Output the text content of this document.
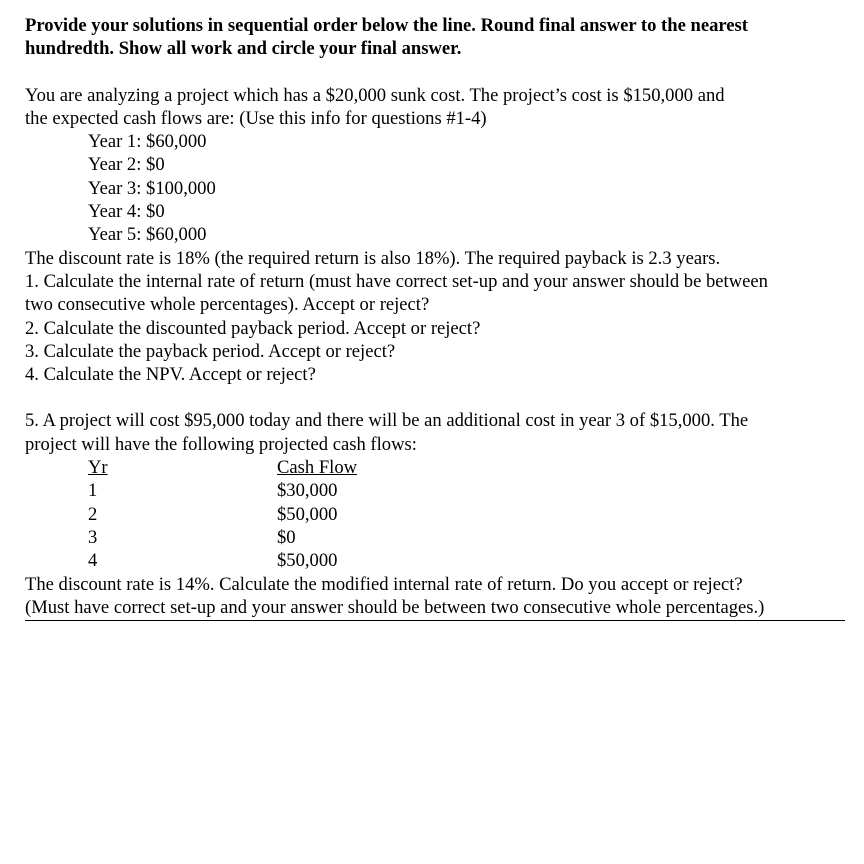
Provide your solutions in sequential order below the line. Round final answer to the nearest
hundredth. Show all work and circle your final answer.

You are analyzing a project which has a $20,000 sunk cost. The project’s cost is $150,000 and

the expected cash flows are: (Use this info for questions #1-4)

Year 1: $60,000
Year 2: $0
Year 3: $100,000
Year 4: $0
Year 5: $60,000

The discount rate is 18% (the required return is also 18%). The required payback is 2.3 years.

1. Calculate the internal rate of return (must have correct set-up and your answer should be between

two consecutive whole percentages). Accept or reject?

2. Calculate the discounted payback period. Accept or reject?

3. Calculate the payback period. Accept or reject?

4. Calculate the NPV. Accept or reject?

5. A project will cost $95,000 today and there will be an additional cost in year 3 of $15,000. The

project will have the following projected cash flows:

Yr	Cash Flow
1	$30,000
2	$50,000
3	$0
4	$50,000

The discount rate is 14%. Calculate the modified internal rate of return. Do you accept or reject?

(Must have correct set-up and your answer should be between two consecutive whole percentages.)
